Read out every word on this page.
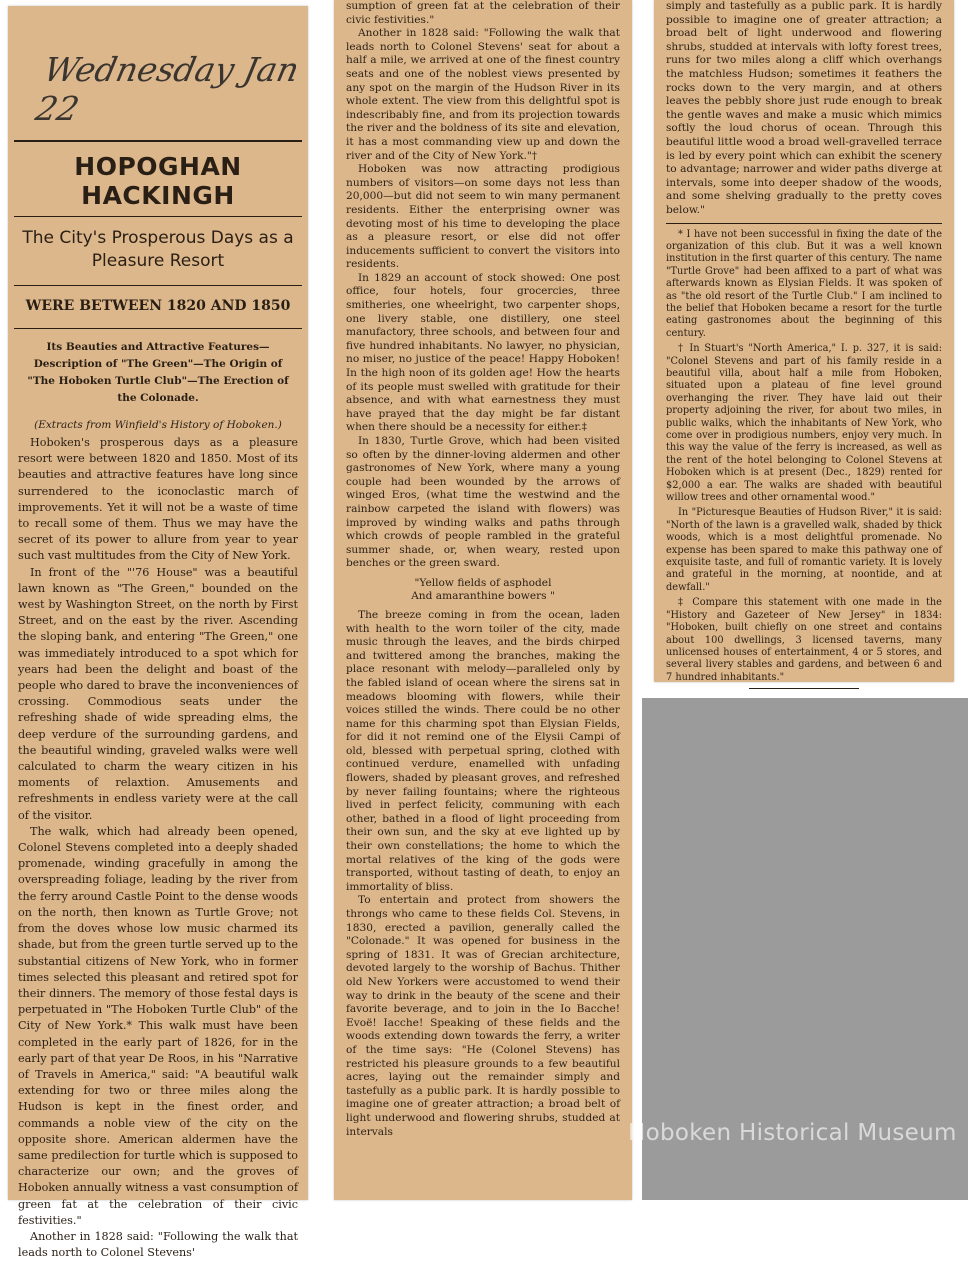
Wednesday Jan 22
HOPOGHAN HACKINGH
The City's Prosperous Days as a Pleasure Resort
WERE BETWEEN 1820 AND 1850
Its Beauties and Attractive Features—Description of "The Green"—The Origin of "The Hoboken Turtle Club"—The Erection of the Colonade.
(Extracts from Winfield's History of Hoboken.)

Hoboken's prosperous days as a pleasure resort were between 1820 and 1850. Most of its beauties and attractive features have long since surrendered to the iconoclastic march of improvements. Yet it will not be a waste of time to recall some of them. Thus we may have the secret of its power to allure from year to year such vast multitudes from the City of New York.

In front of the "'76 House" was a beautiful lawn known as "The Green," bounded on the west by Washington Street, on the north by First Street, and on the east by the river. Ascending the sloping bank, and entering "The Green," one was immediately introduced to a spot which for years had been the delight and boast of the people who dared to brave the inconveniences of crossing. Commodious seats under the refreshing shade of wide spreading elms, the deep verdure of the surrounding gardens, and the beautiful winding, graveled walks were well calculated to charm the weary citizen in his moments of relaxtion. Amusements and refreshments in endless variety were at the call of the visitor.

The walk, which had already been opened, Colonel Stevens completed into a deeply shaded promenade, winding gracefully in among the overspreading foliage, leading by the river from the ferry around Castle Point to the dense woods on the north, then known as Turtle Grove; not from the doves whose low music charmed its shade, but from the green turtle served up to the substantial citizens of New York, who in former times selected this pleasant and retired spot for their dinners. The memory of those festal days is perpetuated in "The Hoboken Turtle Club" of the City of New York.* This walk must have been completed in the early part of 1826, for in the early part of that year De Roos, in his "Narrative of Travels in America," said: "A beautiful walk extending for two or three miles along the Hudson is kept in the finest order, and commands a noble view of the city on the opposite shore. American aldermen have the same predilection for turtle which is supposed to characterize our own; and the groves of Hoboken annually witness a vast consumption of green fat at the celebration of their civic festivities."

Another in 1828 said: "Following the walk that leads north to Colonel Stevens'

sumption of green fat at the celebration of their civic festivities."

Another in 1828 said: "Following the walk that leads north to Colonel Stevens' seat for about a half a mile, we arrived at one of the finest country seats and one of the noblest views presented by any spot on the margin of the Hudson River in its whole extent. The view from this delightful spot is indescribably fine, and from its projection towards the river and the boldness of its site and elevation, it has a most commanding view up and down the river and of the City of New York."†

Hoboken was now attracting prodigious numbers of visitors—on some days not less than 20,000—but did not seem to win many permanent residents. Either the enterprising owner was devoting most of his time to developing the place as a pleasure resort, or else did not offer inducements sufficient to convert the visitors into residents.

In 1829 an account of stock showed: One post office, four hotels, four grocercies, three smitheries, one wheelright, two carpenter shops, one livery stable, one distillery, one steel manufactory, three schools, and between four and five hundred inhabitants. No lawyer, no physician, no miser, no justice of the peace! Happy Hoboken! In the high noon of its golden age! How the hearts of its people must swelled with gratitude for their absence, and with what earnestness they must have prayed that the day might be far distant when there should be a necessity for either.‡

In 1830, Turtle Grove, which had been visited so often by the dinner-loving aldermen and other gastronomes of New York, where many a young couple had been wounded by the arrows of winged Eros, (what time the westwind and the rainbow carpeted the island with flowers) was improved by winding walks and paths through which crowds of people rambled in the grateful summer shade, or, when weary, rested upon benches or the green sward.

"Yellow fields of asphodel
And amaranthine bowers "

The breeze coming in from the ocean, laden with health to the worn toiler of the city, made music through the leaves, and the birds chirped and twittered among the branches, making the place resonant with melody—paralleled only by the fabled island of ocean where the sirens sat in meadows blooming with flowers, while their voices stilled the winds. There could be no other name for this charming spot than Elysian Fields, for did it not remind one of the Elysii Campi of old, blessed with perpetual spring, clothed with continued verdure, enamelled with unfading flowers, shaded by pleasant groves, and refreshed by never failing fountains; where the righteous lived in perfect felicity, communing with each other, bathed in a flood of light proceeding from their own sun, and the sky at eve lighted up by their own constellations; the home to which the mortal relatives of the king of the gods were transported, without tasting of death, to enjoy an immortality of bliss.

To entertain and protect from showers the throngs who came to these fields Col. Stevens, in 1830, erected a pavilion, generally called the "Colonade." It was opened for business in the spring of 1831. It was of Grecian architecture, devoted largely to the worship of Bachus. Thither old New Yorkers were accustomed to wend their way to drink in the beauty of the scene and their favorite beverage, and to join in the Io Bacche! Evoë! Iacche! Speaking of these fields and the woods extending down towards the ferry, a writer of the time says: "He (Colonel Stevens) has restricted his pleasure grounds to a few beautiful acres, laying out the remainder simply and tastefully as a public park. It is hardly possible to imagine one of greater attraction; a broad belt of light underwood and flowering shrubs, studded at intervals

simply and tastefully as a public park. It is hardly possible to imagine one of greater attraction; a broad belt of light underwood and flowering shrubs, studded at intervals with lofty forest trees, runs for two miles along a cliff which overhangs the matchless Hudson; sometimes it feathers the rocks down to the very margin, and at others leaves the pebbly shore just rude enough to break the gentle waves and make a music which mimics softly the loud chorus of ocean. Through this beautiful little wood a broad well-gravelled terrace is led by every point which can exhibit the scenery to advantage; narrower and wider paths diverge at intervals, some into deeper shadow of the woods, and some shelving gradually to the pretty coves below."

* I have not been successful in fixing the date of the organization of this club. But it was a well known institution in the first quarter of this century. The name "Turtle Grove" had been affixed to a part of what was afterwards known as Elysian Fields. It was spoken of as "the old resort of the Turtle Club." I am inclined to the belief that Hoboken became a resort for the turtle eating gastronomes about the beginning of this century.

† In Stuart's "North America," I. p. 327, it is said: "Colonel Stevens and part of his family reside in a beautiful villa, about half a mile from Hoboken, situated upon a plateau of fine level ground overhanging the river. They have laid out their property adjoining the river, for about two miles, in public walks, which the inhabitants of New York, who come over in prodigious numbers, enjoy very much. In this way the value of the ferry is increased, as well as the rent of the hotel belonging to Colonel Stevens at Hoboken which is at present (Dec., 1829) rented for $2,000 a ear. The walks are shaded with beautiful willow trees and other ornamental wood."

In "Picturesque Beauties of Hudson River," it is said: "North of the lawn is a gravelled walk, shaded by thick woods, which is a most delightful promenade. No expense has been spared to make this pathway one of exquisite taste, and full of romantic variety. It is lovely and grateful in the morning, at noontide, and at dewfall."

‡ Compare this statement with one made in the "History and Gazeteer of New Jersey" in 1834: "Hoboken, built chiefly on one street and contains about 100 dwellings, 3 licensed taverns, many unlicensed houses of entertainment, 4 or 5 stores, and several livery stables and gardens, and between 6 and 7 hundred inhabitants."

Hoboken Historical Museum
